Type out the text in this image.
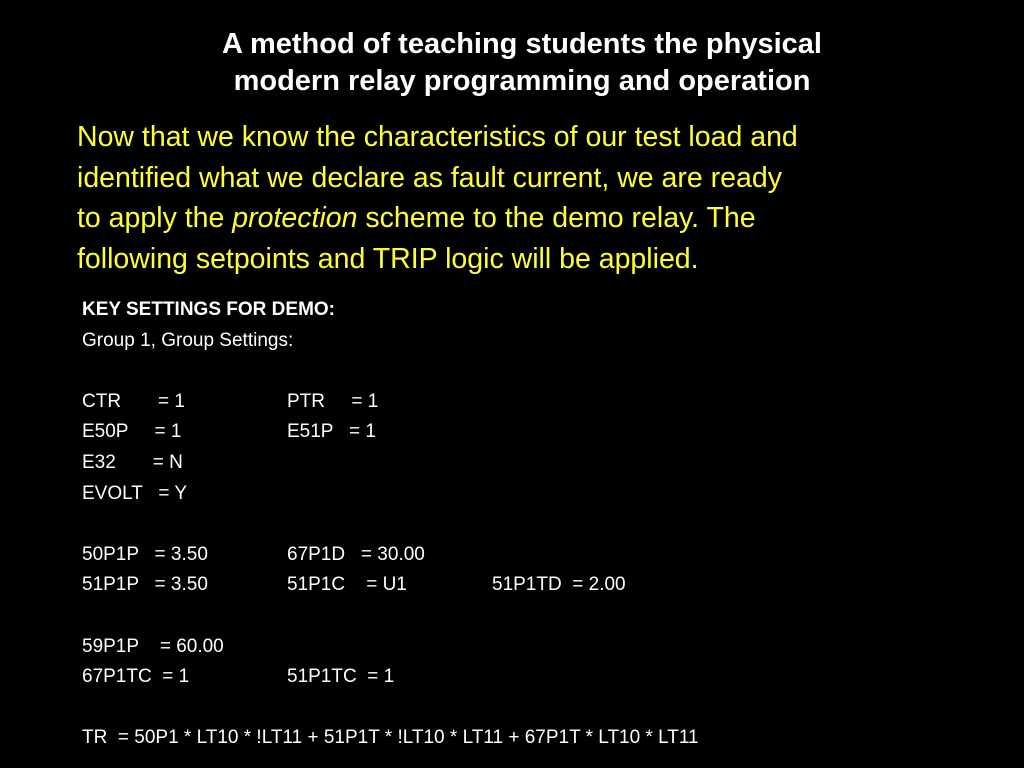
A method of teaching students the physical
modern relay programming and operation
Now that we know the characteristics of our test load and
identified what we declare as fault current, we are ready
to apply the protection scheme to the demo relay. The
following setpoints and TRIP logic will be applied.
KEY SETTINGS FOR DEMO:
Group 1, Group Settings:
CTR       = 1	PTR     = 1
E50P     = 1	E51P   = 1
E32       = N
EVOLT   = Y
50P1P   = 3.50	67P1D   = 30.00
51P1P   = 3.50	51P1C    = U1	51P1TD  = 2.00
59P1P    = 60.00
67P1TC  = 1	51P1TC  = 1
TR  = 50P1 * LT10 * !LT11 + 51P1T * !LT10 * LT11 + 67P1T * LT10 * LT11
